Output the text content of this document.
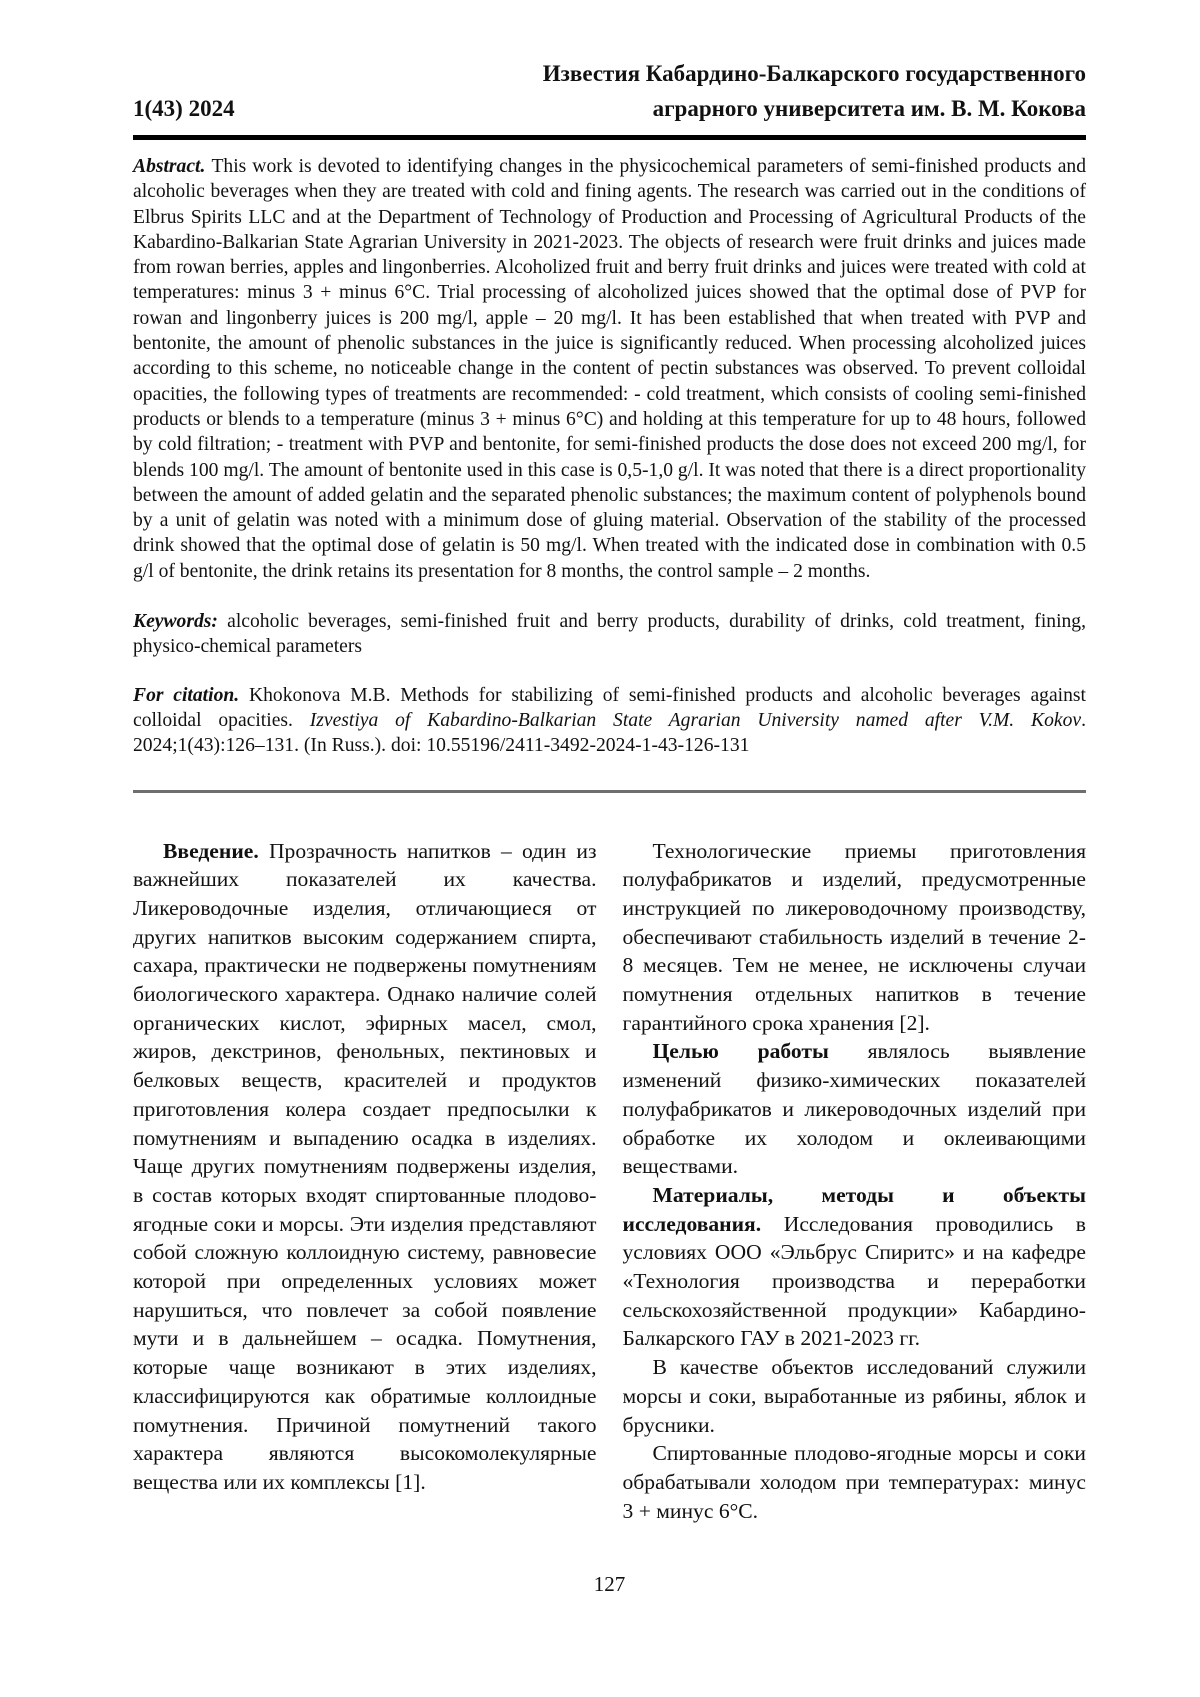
1(43) 2024
Известия Кабардино-Балкарского государственного
аграрного университета им. В. М. Кокова

Abstract. This work is devoted to identifying changes in the physicochemical parameters of semi-finished products and alcoholic beverages when they are treated with cold and fining agents. The research was carried out in the conditions of Elbrus Spirits LLC and at the Department of Technology of Production and Processing of Agricultural Products of the Kabardino-Balkarian State Agrarian University in 2021-2023. The objects of research were fruit drinks and juices made from rowan berries, apples and lingonberries. Alcoholized fruit and berry fruit drinks and juices were treated with cold at temperatures: minus 3 + minus 6°C. Trial processing of alcoholized juices showed that the optimal dose of PVP for rowan and lingonberry juices is 200 mg/l, apple – 20 mg/l. It has been established that when treated with PVP and bentonite, the amount of phenolic substances in the juice is significantly reduced. When processing alcoholized juices according to this scheme, no noticeable change in the content of pectin substances was observed. To prevent colloidal opacities, the following types of treatments are recommended: - cold treatment, which consists of cooling semi-finished products or blends to a temperature (minus 3 + minus 6°C) and holding at this temperature for up to 48 hours, followed by cold filtration; - treatment with PVP and bentonite, for semi-finished products the dose does not exceed 200 mg/l, for blends 100 mg/l. The amount of bentonite used in this case is 0,5-1,0 g/l. It was noted that there is a direct proportionality between the amount of added gelatin and the separated phenolic substances; the maximum content of polyphenols bound by a unit of gelatin was noted with a minimum dose of gluing material. Observation of the stability of the processed drink showed that the optimal dose of gelatin is 50 mg/l. When treated with the indicated dose in combination with 0.5 g/l of bentonite, the drink retains its presentation for 8 months, the control sample – 2 months.

Keywords: alcoholic beverages, semi-finished fruit and berry products, durability of drinks, cold treatment, fining, physico-chemical parameters

For citation. Khokonova M.B. Methods for stabilizing of semi-finished products and alcoholic beverages against colloidal opacities. Izvestiya of Kabardino-Balkarian State Agrarian University named after V.M. Kokov. 2024;1(43):126–131. (In Russ.). doi: 10.55196/2411-3492-2024-1-43-126-131

Введение. Прозрачность напитков – один из важнейших показателей их качества. Ликероводочные изделия, отличающиеся от других напитков высоким содержанием спирта, сахара, практически не подвержены помутнениям биологического характера. Однако наличие солей органических кислот, эфирных масел, смол, жиров, декстринов, фенольных, пектиновых и белковых веществ, красителей и продуктов приготовления колера создает предпосылки к помутнениям и выпадению осадка в изделиях. Чаще других помутнениям подвержены изделия, в состав которых входят спиртованные плодово-ягодные соки и морсы. Эти изделия представляют собой сложную коллоидную систему, равновесие которой при определенных условиях может нарушиться, что повлечет за собой появление мути и в дальнейшем – осадка. Помутнения, которые чаще возникают в этих изделиях, классифицируются как обратимые коллоидные помутнения. Причиной помутнений такого характера являются высокомолекулярные вещества или их комплексы [1].

Технологические приемы приготовления полуфабрикатов и изделий, предусмотренные инструкцией по ликероводочному производству, обеспечивают стабильность изделий в течение 2-8 месяцев. Тем не менее, не исключены случаи помутнения отдельных напитков в течение гарантийного срока хранения [2].

Целью работы являлось выявление изменений физико-химических показателей полуфабрикатов и ликероводочных изделий при обработке их холодом и оклеивающими веществами.

Материалы, методы и объекты исследования. Исследования проводились в условиях ООО «Эльбрус Спиритс» и на кафедре «Технология производства и переработки сельскохозяйственной продукции» Кабардино-Балкарского ГАУ в 2021-2023 гг.

В качестве объектов исследований служили морсы и соки, выработанные из рябины, яблок и брусники.

Спиртованные плодово-ягодные морсы и соки обрабатывали холодом при температурах: минус 3 + минус 6°С.

127
